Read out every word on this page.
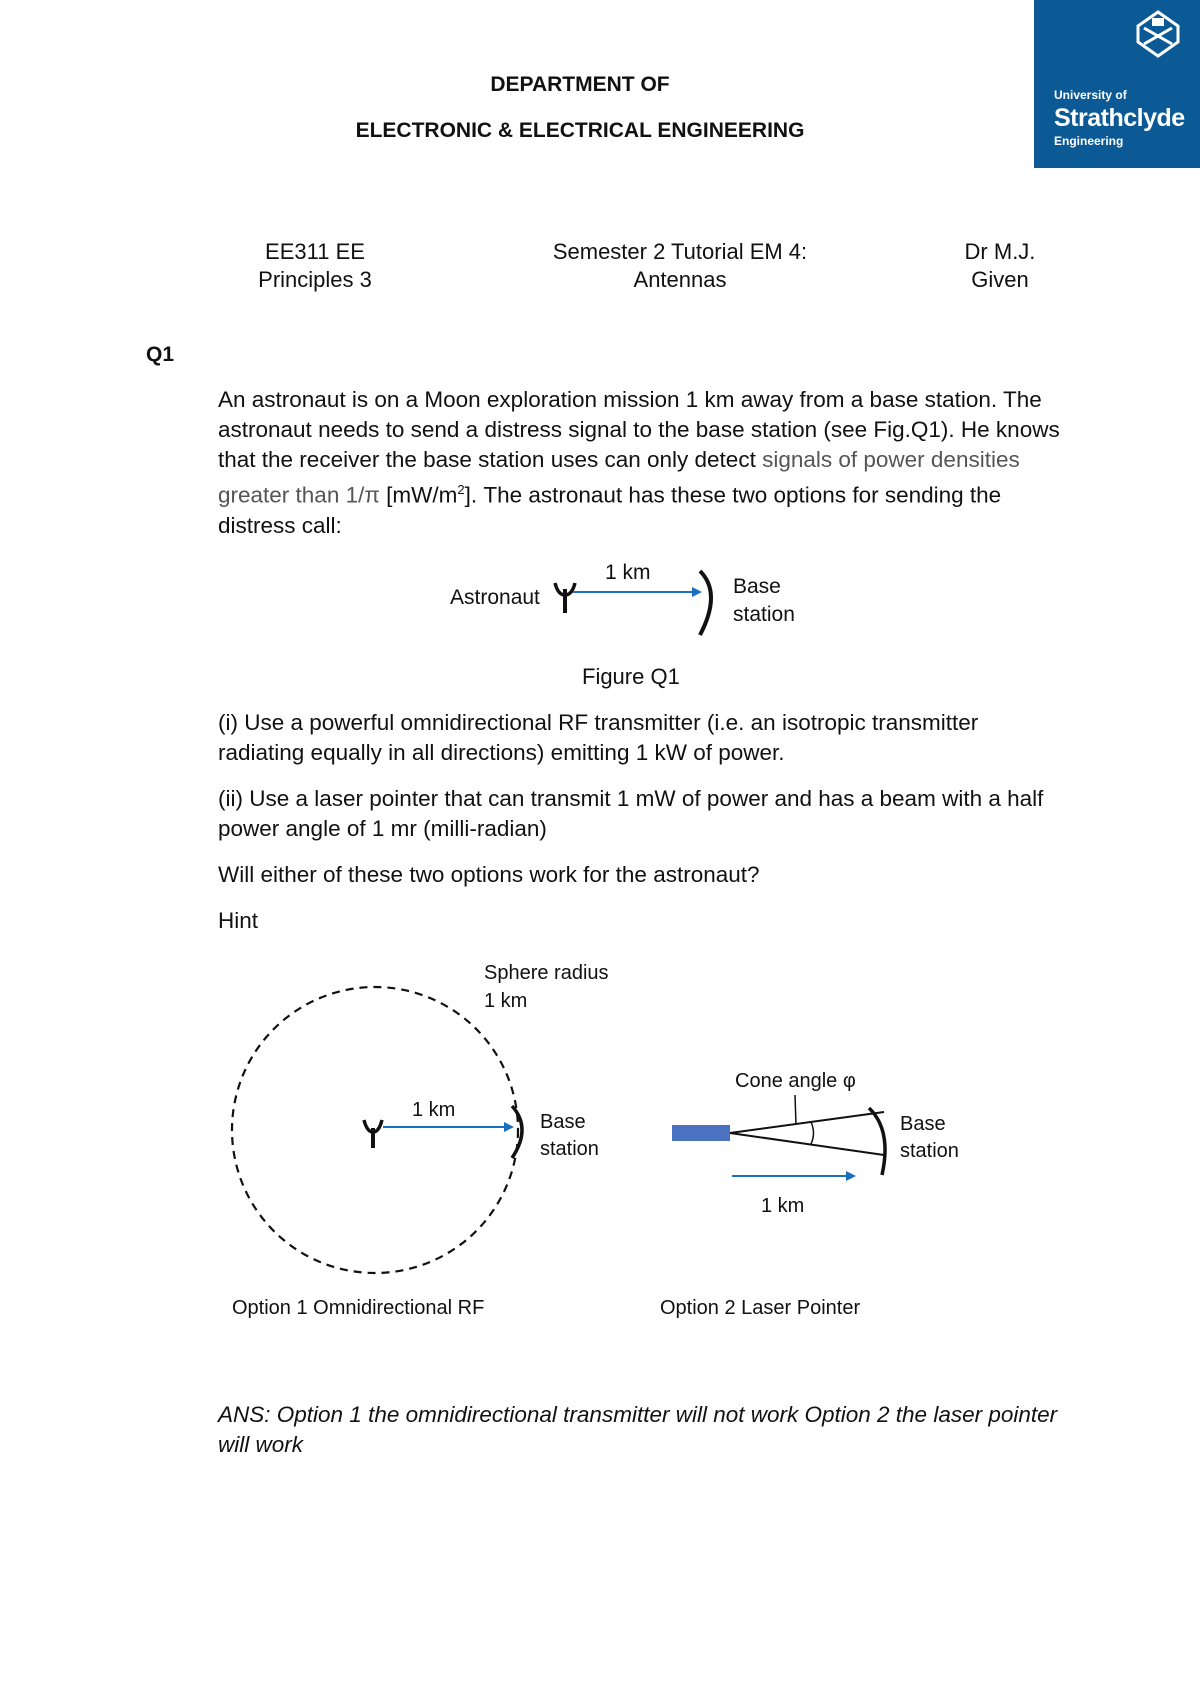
University of
Strathclyde
Engineering
DEPARTMENT OF
ELECTRONIC & ELECTRICAL ENGINEERING
EE311 EE
Principles 3
Semester 2 Tutorial EM 4:
Antennas
Dr M.J.
Given
Q1
An astronaut is on a Moon exploration mission 1 km away from a base station. The astronaut needs to send a distress signal to the base station (see Fig.Q1). He knows that the receiver the base station uses can only detect signals of power densities greater than 1/π $[mW/m^2]$. The astronaut has these two options for sending the distress call:
Astronaut
1 km
Base
station
Figure Q1
(i) Use a powerful omnidirectional RF transmitter (i.e. an isotropic transmitter radiating equally in all directions) emitting 1 kW of power.
(ii) Use a laser pointer that can transmit 1 mW of power and has a beam with a half power angle of 1 mr (milli-radian)
Will either of these two options work for the astronaut?
Hint
Sphere radius
1 km
1 km
Base
station
Option 1 Omnidirectional RF
Cone angle φ
Base
station
1 km
Option 2 Laser Pointer
ANS: Option 1 the omnidirectional transmitter will not work Option 2 the laser pointer will work
